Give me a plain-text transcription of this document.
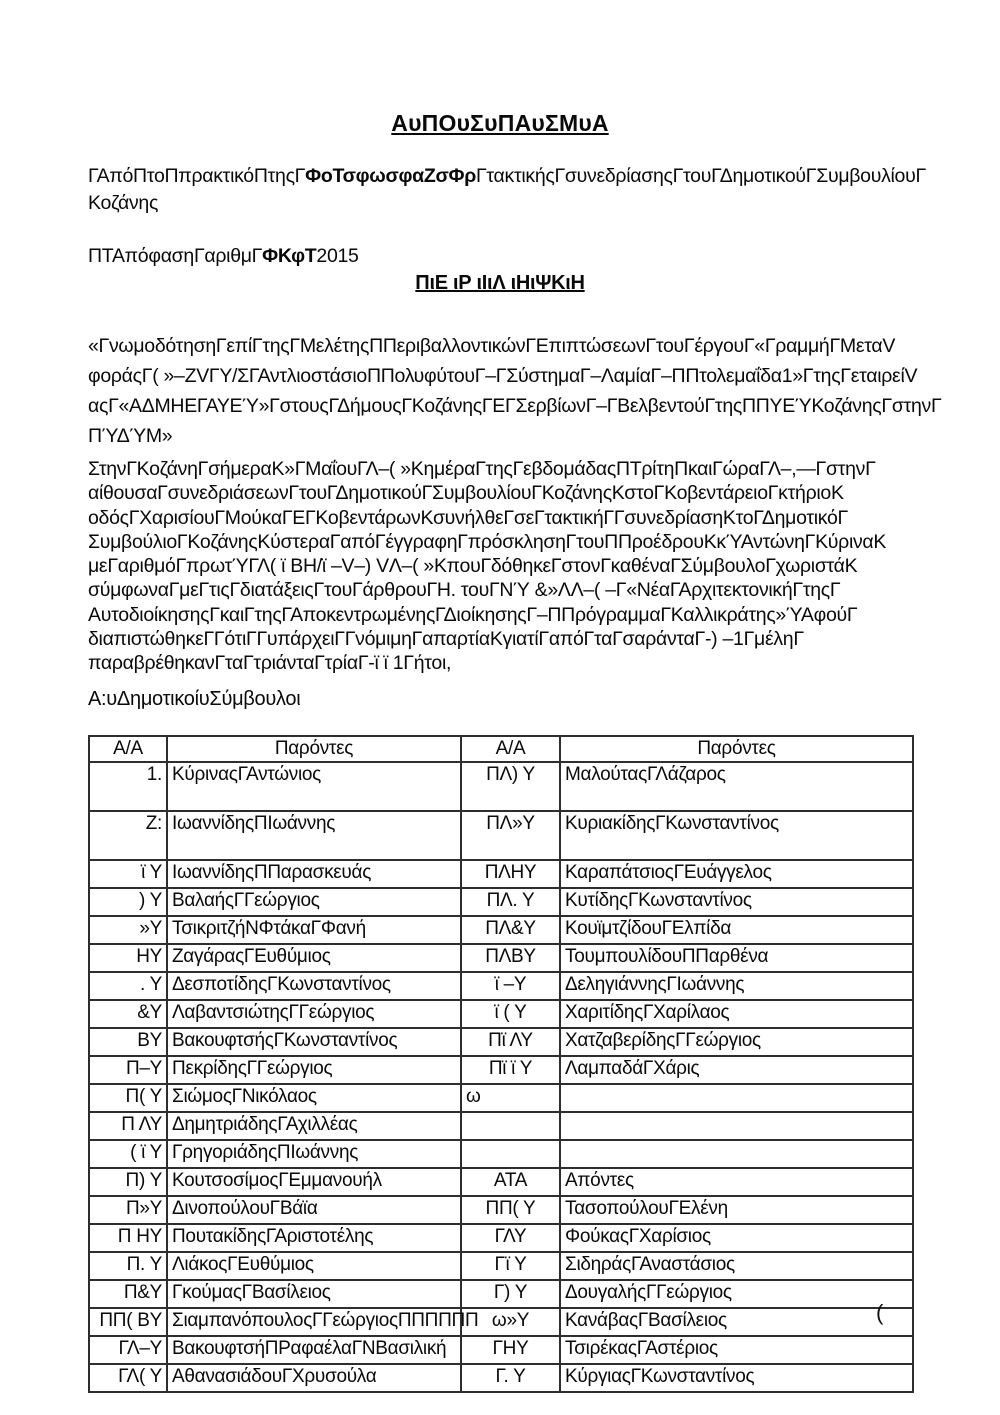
ΑυΠΟυΣυΠΑυΣΜυΑ

ΓΑπόΠτοΠπρακτικόΠτηςΓΦοΤσφωσφαΖσΦρΓτακτικήςΓσυνεδρίασηςΓτουΓΔημοτικούΓΣυμβουλίουΓ

Κοζάνης

ΠΤΑπόφασηΓαριθμΓΦΚφΤ2015

ΠιΕ ιΡ ιΙιΛ ιΗιΨΚιΗ
«ΓνωμοδότησηΓεπίΓτηςΓΜελέτηςΠΠεριβαλλοντικώνΓΕπιπτώσεωνΓτουΓέργουΓ«ΓραμμήΓΜεταV
φοράςΓ( »–ΖVΓΥ/ΣΓΑντλιοστάσιοΠΠολυφύτουΓ–ΓΣύστημαΓ–ΛαμίαΓ–ΠΠτολεμαΐδα1»ΓτηςΓεταιρείV
αςΓ«ΑΔΜΗΕΓΑΥΕΎ»ΓστουςΓΔήμουςΓΚοζάνηςΓΕΓΣερβίωνΓ–ΓΒελβεντούΓτηςΠΠΥΕΎΚοζάνηςΓστηνΓ
ΠΎΔΎΜ»
ΣτηνΓΚοζάνηΓσήμεραΚ»ΓΜαΐουΓΛ–( »ΚημέραΓτηςΓεβδομάδαςΠΤρίτηΠκαιΓώραΓΛ–,—ΓστηνΓ
αίθουσαΓσυνεδριάσεωνΓτουΓΔημοτικούΓΣυμβουλίουΓΚοζάνηςΚστοΓΚοβεντάρειοΓκτήριοΚ
οδόςΓΧαρισίουΓΜούκαΓΕΓΚοβεντάρωνΚσυνήλθεΓσεΓτακτικήΓΓσυνεδρίασηΚτοΓΔημοτικόΓ
ΣυμβούλιοΓΚοζάνηςΚύστεραΓαπόΓέγγραφηΓπρόσκλησηΓτουΠΠροέδρουΚκΎΑντώνηΓΚύριναΚ
μεΓαριθμόΓπρωτΎΓΛ( ϊ ΒΗ/ϊ –V–) VΛ–( »ΚπουΓδόθηκεΓστονΓκαθέναΓΣύμβουλοΓχωριστάΚ
σύμφωναΓμεΓτιςΓδιατάξειςΓτουΓάρθρουΓΗ. τουΓΝΎ &»ΛΛ–( –Γ«ΝέαΓΑρχιτεκτονικήΓτηςΓ
ΑυτοδιοίκησηςΓκαιΓτηςΓΑποκεντρωμένηςΓΔιοίκησηςΓ–ΠΠρόγραμμαΓΚαλλικράτης»ΎΑφούΓ
διαπιστώθηκεΓΓότιΓΓυπάρχειΓΓνόμιμηΓαπαρτίαΚγιατίΓαπόΓταΓσαράνταΓ-) –1ΓμέληΓ
παραβρέθηκανΓταΓτριάνταΓτρίαΓ-ϊ ϊ 1Γήτοι,

Α:υΔημοτικοίυΣύμβουλοι

Α/Α	Παρόντες	Α/Α	Παρόντες
1.	ΚύριναςΓΑντώνιος	ΠΛ) Υ	ΜαλούταςΓΛάζαρος
Ζ:	ΙωαννίδηςΠΙωάννης	ΠΛ»Υ	ΚυριακίδηςΓΚωνσταντίνος
ϊ Υ	ΙωαννίδηςΠΠαρασκευάς	ΠΛΗΥ	ΚαραπάτσιοςΓΕυάγγελος
) Υ	ΒαλαήςΓΓεώργιος	ΠΛ. Υ	ΚυτίδηςΓΚωνσταντίνος
»Υ	ΤσικριτζήΝΦτάκαΓΦανή	ΠΛ&Υ	ΚουϊμτζίδουΓΕλπίδα
ΗΥ	ΖαγάραςΓΕυθύμιος	ΠΛΒΥ	ΤουμπουλίδουΠΠαρθένα
. Υ	ΔεσποτίδηςΓΚωνσταντίνος	ϊ –Υ	ΔεληγιάννηςΓΙωάννης
&Υ	ΛαβαντσιώτηςΓΓεώργιος	ϊ ( Υ	ΧαριτίδηςΓΧαρίλαος
ΒΥ	ΒακουφτσήςΓΚωνσταντίνος	Πϊ ΛΥ	ΧατζαβερίδηςΓΓεώργιος
Π–Υ	ΠεκρίδηςΓΓεώργιος	Πϊ ϊ Υ	ΛαμπαδάΓΧάρις
Π( Υ	ΣιώμοςΓΝικόλαος	ω	
Π ΛΥ	ΔημητριάδηςΓΑχιλλέας		
( ϊ Υ	ΓρηγοριάδηςΠΙωάννης		
Π) Υ	ΚουτσοσίμοςΓΕμμανουήλ	ΑΤΑ	Απόντες
Π»Υ	ΔινοπούλουΓΒάϊα	ΠΠ( Υ	ΤασοπούλουΓΕλένη
Π ΗΥ	ΠουτακίδηςΓΑριστοτέλης	ΓΛΥ	ΦούκαςΓΧαρίσιος
Π. Υ	ΛιάκοςΓΕυθύμιος	Γϊ Υ	ΣιδηράςΓΑναστάσιος
Π&Υ	ΓκούμαςΓΒασίλειος	Γ) Υ	ΔουγαλήςΓΓεώργιος
ΠΠ( ΒΥ	ΣιαμπανόπουλοςΓΓεώργιοςΠΠΠΠΠΠ	ω»Υ	ΚανάβαςΓΒασίλειος
ΓΛ–Υ	ΒακουφτσήΠΡαφαέλαΓΝΒασιλική	ΓΗΥ	ΤσιρέκαςΓΑστέριος
ΓΛ( Υ	ΑθανασιάδουΓΧρυσούλα	Γ. Υ	ΚύργιαςΓΚωνσταντίνος
(
